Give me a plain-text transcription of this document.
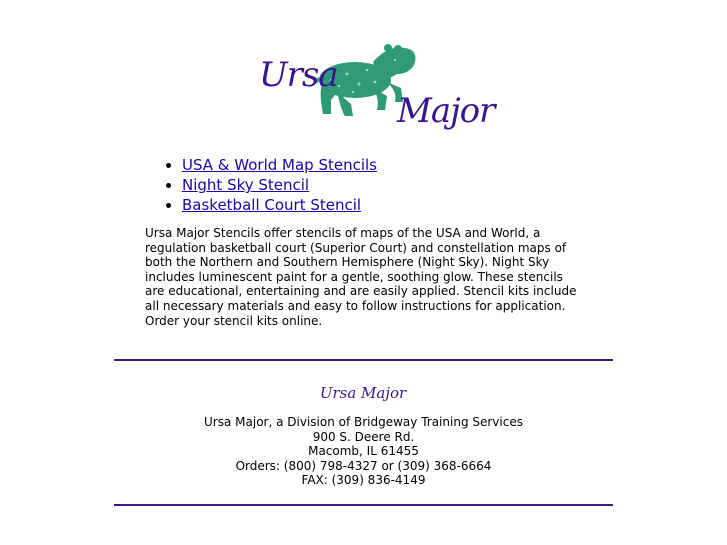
Ursa
Major
• USA & World Map Stencils
• Night Sky Stencil
• Basketball Court Stencil

Ursa Major Stencils offer stencils of maps of the USA and World, a regulation basketball court (Superior Court) and constellation maps of both the Northern and Southern Hemisphere (Night Sky). Night Sky includes luminescent paint for a gentle, soothing glow. These stencils are educational, entertaining and are easily applied. Stencil kits include all necessary materials and easy to follow instructions for application. Order your stencil kits online.

Ursa Major
Ursa Major, a Division of Bridgeway Training Services
900 S. Deere Rd.
Macomb, IL 61455
Orders: (800) 798-4327 or (309) 368-6664
FAX: (309) 836-4149
